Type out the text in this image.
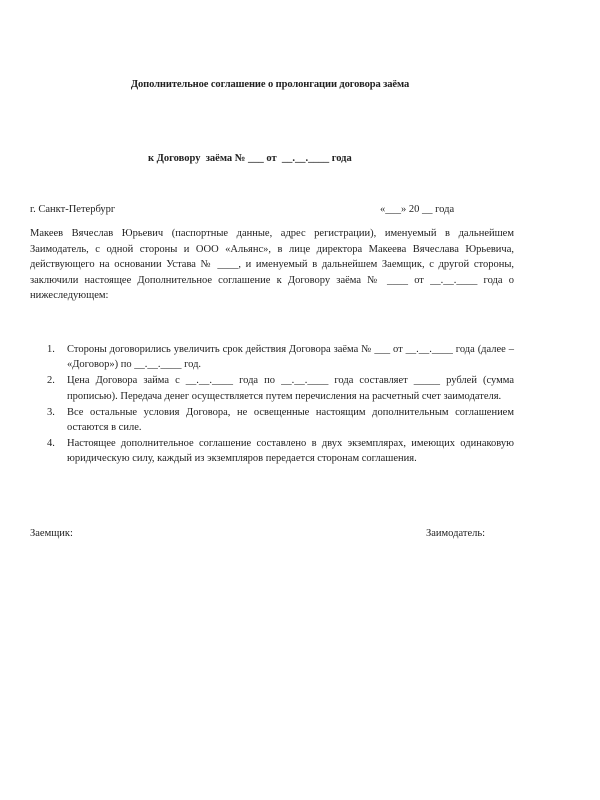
Дополнительное соглашение о пролонгации договора заёма
к Договору  заёма № ___ от  __.__.____ года
г. Санкт-Петербург	«___» 20 __ года
Макеев Вячеслав Юрьевич (паспортные данные, адрес регистрации), именуемый в дальнейшем Заимодатель, с одной стороны и ООО «Альянс», в лице директора Макеева Вячеслава Юрьевича, действующего на основании Устава № ____, и именуемый в дальнейшем Заемщик, с другой стороны, заключили настоящее Дополнительное соглашение к Договору заёма № ____ от __.__.____ года о нижеследующем:
1. Стороны договорились увеличить срок действия Договора заёма № ___ от __.__.____ года (далее – «Договор») по __.__.____ год.
2. Цена Договора займа с __.__.____ года по __.__.____ года составляет _____ рублей (сумма прописью). Передача денег осуществляется путем перечисления на расчетный счет заимодателя.
3. Все остальные условия Договора, не освещенные настоящим дополнительным соглашением остаются в силе.
4. Настоящее дополнительное соглашение составлено в двух экземплярах, имеющих одинаковую юридическую силу, каждый из экземпляров передается сторонам соглашения.
Заемщик:	Заимодатель:
